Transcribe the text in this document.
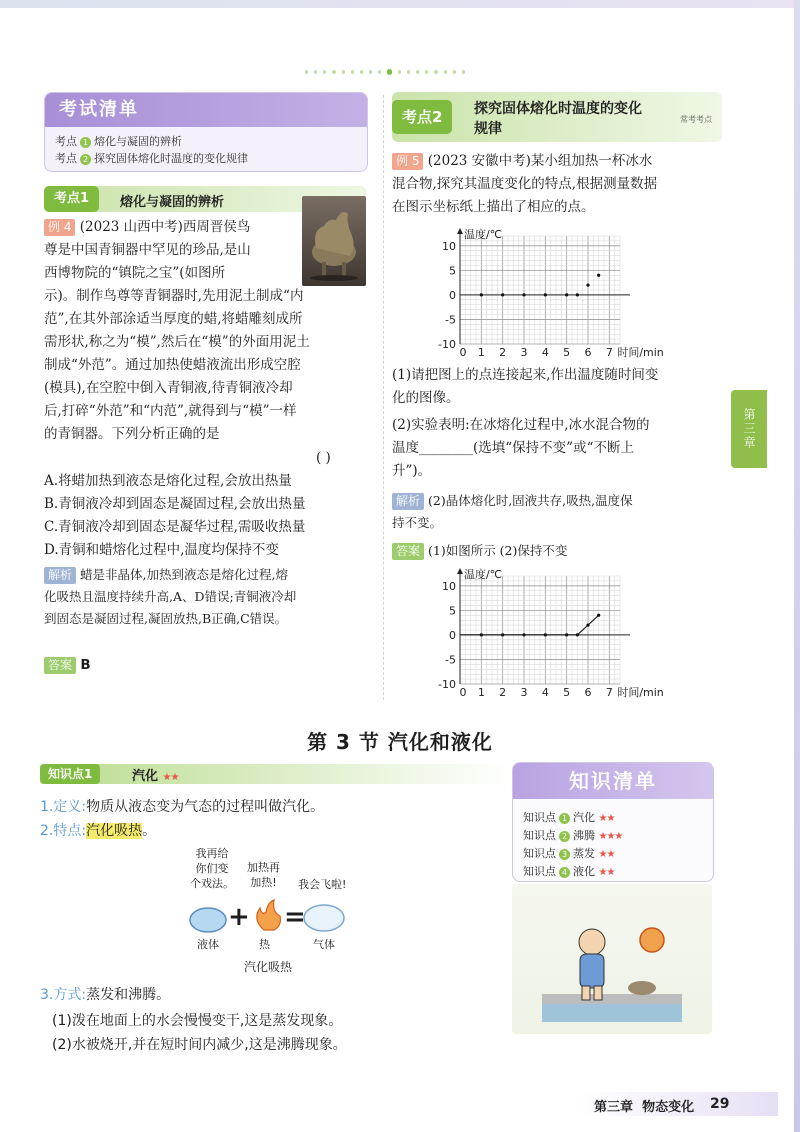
考试清单
考点 1 熔化与凝固的辨析
考点 2 探究固体熔化时温度的变化规律
考点1	熔化与凝固的辨析
例 4 (2023 山西中考)西周晋侯鸟
尊是中国青铜器中罕见的珍品,是山
西博物院的“镇院之宝”(如图所
示)。制作鸟尊等青铜器时,先用泥土制成“内
范”,在其外部涂适当厚度的蜡,将蜡雕刻成所
需形状,称之为“模”,然后在“模”的外面用泥土
制成“外范”。通过加热使蜡液流出形成空腔
(模具),在空腔中倒入青铜液,待青铜液冷却
后,打碎“外范”和“内范”,就得到与“模”一样
的青铜器。下列分析正确的是
( )
A.将蜡加热到液态是熔化过程,会放出热量
B.青铜液冷却到固态是凝固过程,会放出热量
C.青铜液冷却到固态是凝华过程,需吸收热量
D.青铜和蜡熔化过程中,温度均保持不变
解析 蜡是非晶体,加热到液态是熔化过程,熔
化吸热且温度持续升高,A、D错误;青铜液冷却
到固态是凝固过程,凝固放热,B正确,C错误。
答案 B
考点2	探究固体熔化时温度的变化
规律
常考考点
例 5 (2023 安徽中考)某小组加热一杯冰水
混合物,探究其温度变化的特点,根据测量数据
在图示坐标纸上描出了相应的点。
温度/℃
10
5
0
-5
-10
0 1 2 3 4 5 6 7 时间/min
(1)请把图上的点连接起来,作出温度随时间变
化的图像。
(2)实验表明:在冰熔化过程中,冰水混合物的
温度________(选填“保持不变”或“不断上
升”)。
解析 (2)晶体熔化时,固液共存,吸热,温度保
持不变。
答案 (1)如图所示 (2)保持不变
温度/℃
10
5
0
-5
-10
0 1 2 3 4 5 6 7 时间/min
第三章
第 3 节 汽化和液化
知识点1	汽化 ★★	知识清单
知识点 1 汽化 ★★
知识点 2 沸腾 ★★★
知识点 3 蒸发 ★★
知识点 4 液化 ★★
1.定义:物质从液态变为气态的过程叫做汽化。
2.特点:汽化吸热。
我再给
你们变
个戏法。
加热再
加热! 我会飞啦!
+ =
液体	热	气体
汽化吸热
3.方式:蒸发和沸腾。
(1)泼在地面上的水会慢慢变干,这是蒸发现象。
(2)水被烧开,并在短时间内减少,这是沸腾现象。
第三章 物态变化 29
